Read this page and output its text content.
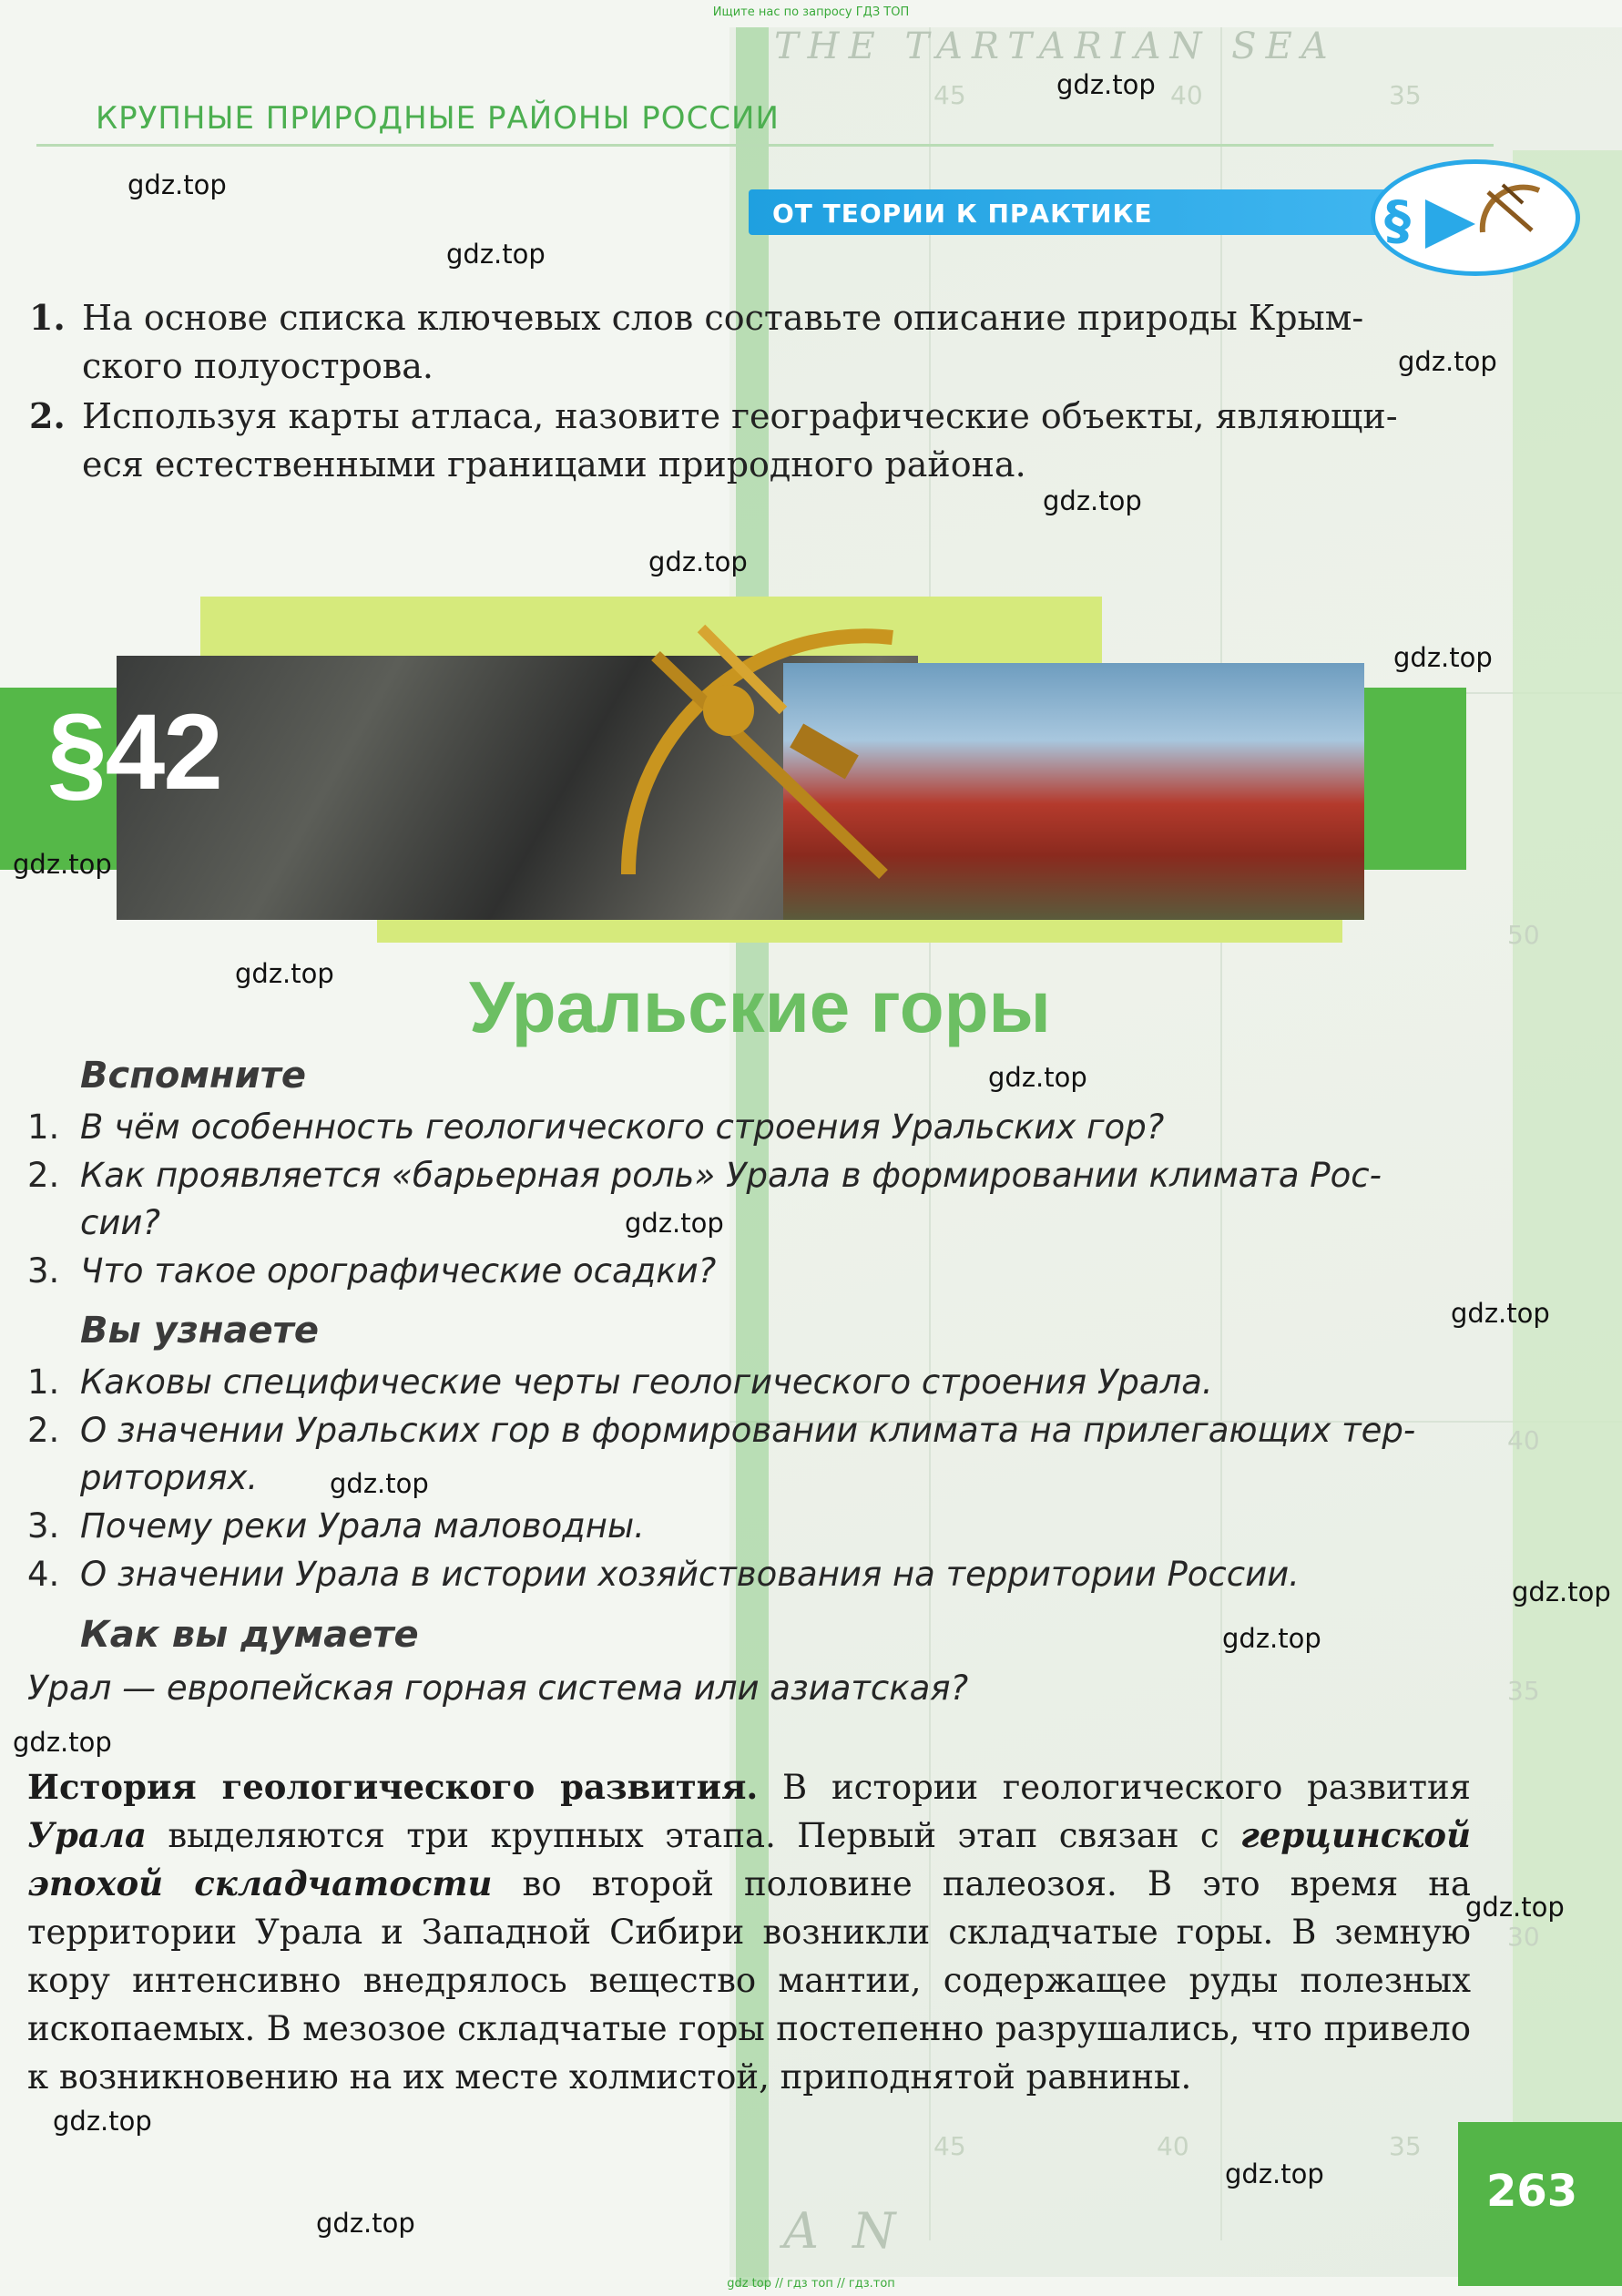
THE TARTARIAN SEA
A N
45	40	35
50
40
35
30
45	40	35
Ищите нас по запросу ГДЗ ТОП
КРУПНЫЕ ПРИРОДНЫЕ РАЙОНЫ РОССИИ
ОТ ТЕОРИИ К ПРАКТИКЕ	§
1. На основе списка ключевых слов составьте описание природы Крым-
ского полуострова.
2. Используя карты атласа, назовите географические объекты, являющи-
еся естественными границами природного района.
§42
Уральские горы
Вспомните
1. В чём особенность геологического строения Уральских гор?
2. Как проявляется «барьерная роль» Урала в формировании климата Рос-
сии?
3. Что такое орографические осадки?
Вы узнаете
1. Каковы специфические черты геологического строения Урала.
2. О значении Уральских гор в формировании климата на прилегающих тер-
риториях.
3. Почему реки Урала маловодны.
4. О значении Урала в истории хозяйствования на территории России.
Как вы думаете
Урал — европейская горная система или азиатская?
История геологического развития. В истории геологического развития Урала выделяются три крупных этапа. Первый этап связан с герцинской эпохой складчатости во второй половине палеозоя. В это время на территории Урала и Западной Сибири возникли складчатые горы. В земную кору интенсивно внедрялось вещество мантии, содержащее руды полезных ископаемых. В мезозое складчатые горы постепенно разрушались, что привело к возникновению на их месте холмистой, приподнятой равнины.
263
gdz.top
gdz.top
gdz.top
gdz.top
gdz.top
gdz.top
gdz.top
gdz.top
gdz.top
gdz.top
gdz.top
gdz.top
gdz.top
gdz.top
gdz.top
gdz.top
gdz.top
gdz.top
gdz.top
gdz.top
gdz top // гдз топ // гдз.топ
